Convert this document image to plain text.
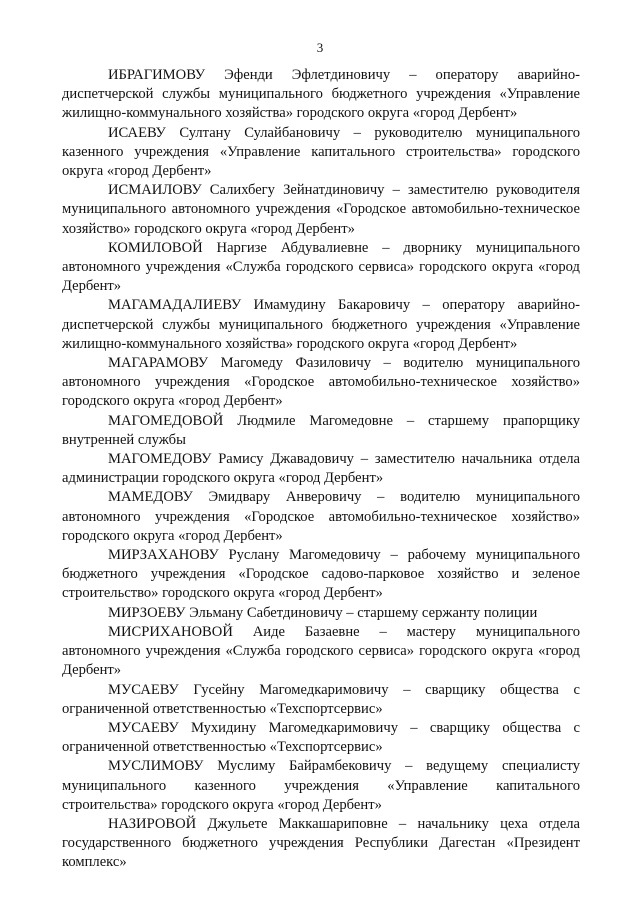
3

ИБРАГИМОВУ Эфенди Эфлетдиновичу – оператору аварийно-диспетчерской службы муниципального бюджетного учреждения «Управление жилищно-коммунального хозяйства» городского округа «город Дербент»

ИСАЕВУ Султану Сулайбановичу – руководителю муниципального казенного учреждения «Управление капитального строительства» городского округа «город Дербент»

ИСМАИЛОВУ Салихбегу Зейнатдиновичу – заместителю руководителя муниципального автономного учреждения «Городское автомобильно-техническое хозяйство» городского округа «город Дербент»

КОМИЛОВОЙ Наргизе Абдувалиевне – дворнику муниципального автономного учреждения «Служба городского сервиса» городского округа «город Дербент»

МАГАМАДАЛИЕВУ Имамудину Бакаровичу – оператору аварийно-диспетчерской службы муниципального бюджетного учреждения «Управление жилищно-коммунального хозяйства» городского округа «город Дербент»

МАГАРАМОВУ Магомеду Фазиловичу – водителю муниципального автономного учреждения «Городское автомобильно-техническое хозяйство» городского округа «город Дербент»

МАГОМЕДОВОЙ Людмиле Магомедовне – старшему прапорщику внутренней службы

МАГОМЕДОВУ Рамису Джавадовичу – заместителю начальника отдела администрации городского округа «город Дербент»

МАМЕДОВУ Эмидвару Анверовичу – водителю муниципального автономного учреждения «Городское автомобильно-техническое хозяйство» городского округа «город Дербент»

МИРЗАХАНОВУ Руслану Магомедовичу – рабочему муниципального бюджетного учреждения «Городское садово-парковое хозяйство и зеленое строительство» городского округа «город Дербент»

МИРЗОЕВУ Эльману Сабетдиновичу – старшему сержанту полиции

МИСРИХАНОВОЙ Аиде Базаевне – мастеру муниципального автономного учреждения «Служба городского сервиса» городского округа «город Дербент»

МУСАЕВУ Гусейну Магомедкаримовичу – сварщику общества с ограниченной ответственностью «Техспортсервис»

МУСАЕВУ Мухидину Магомедкаримовичу – сварщику общества с ограниченной ответственностью «Техспортсервис»

МУСЛИМОВУ Муслиму Байрамбековичу – ведущему специалисту муниципального казенного учреждения «Управление капитального строительства» городского округа «город Дербент»

НАЗИРОВОЙ Джульете Маккашариповне – начальнику цеха отдела государственного бюджетного учреждения Республики Дагестан «Президент комплекс»
